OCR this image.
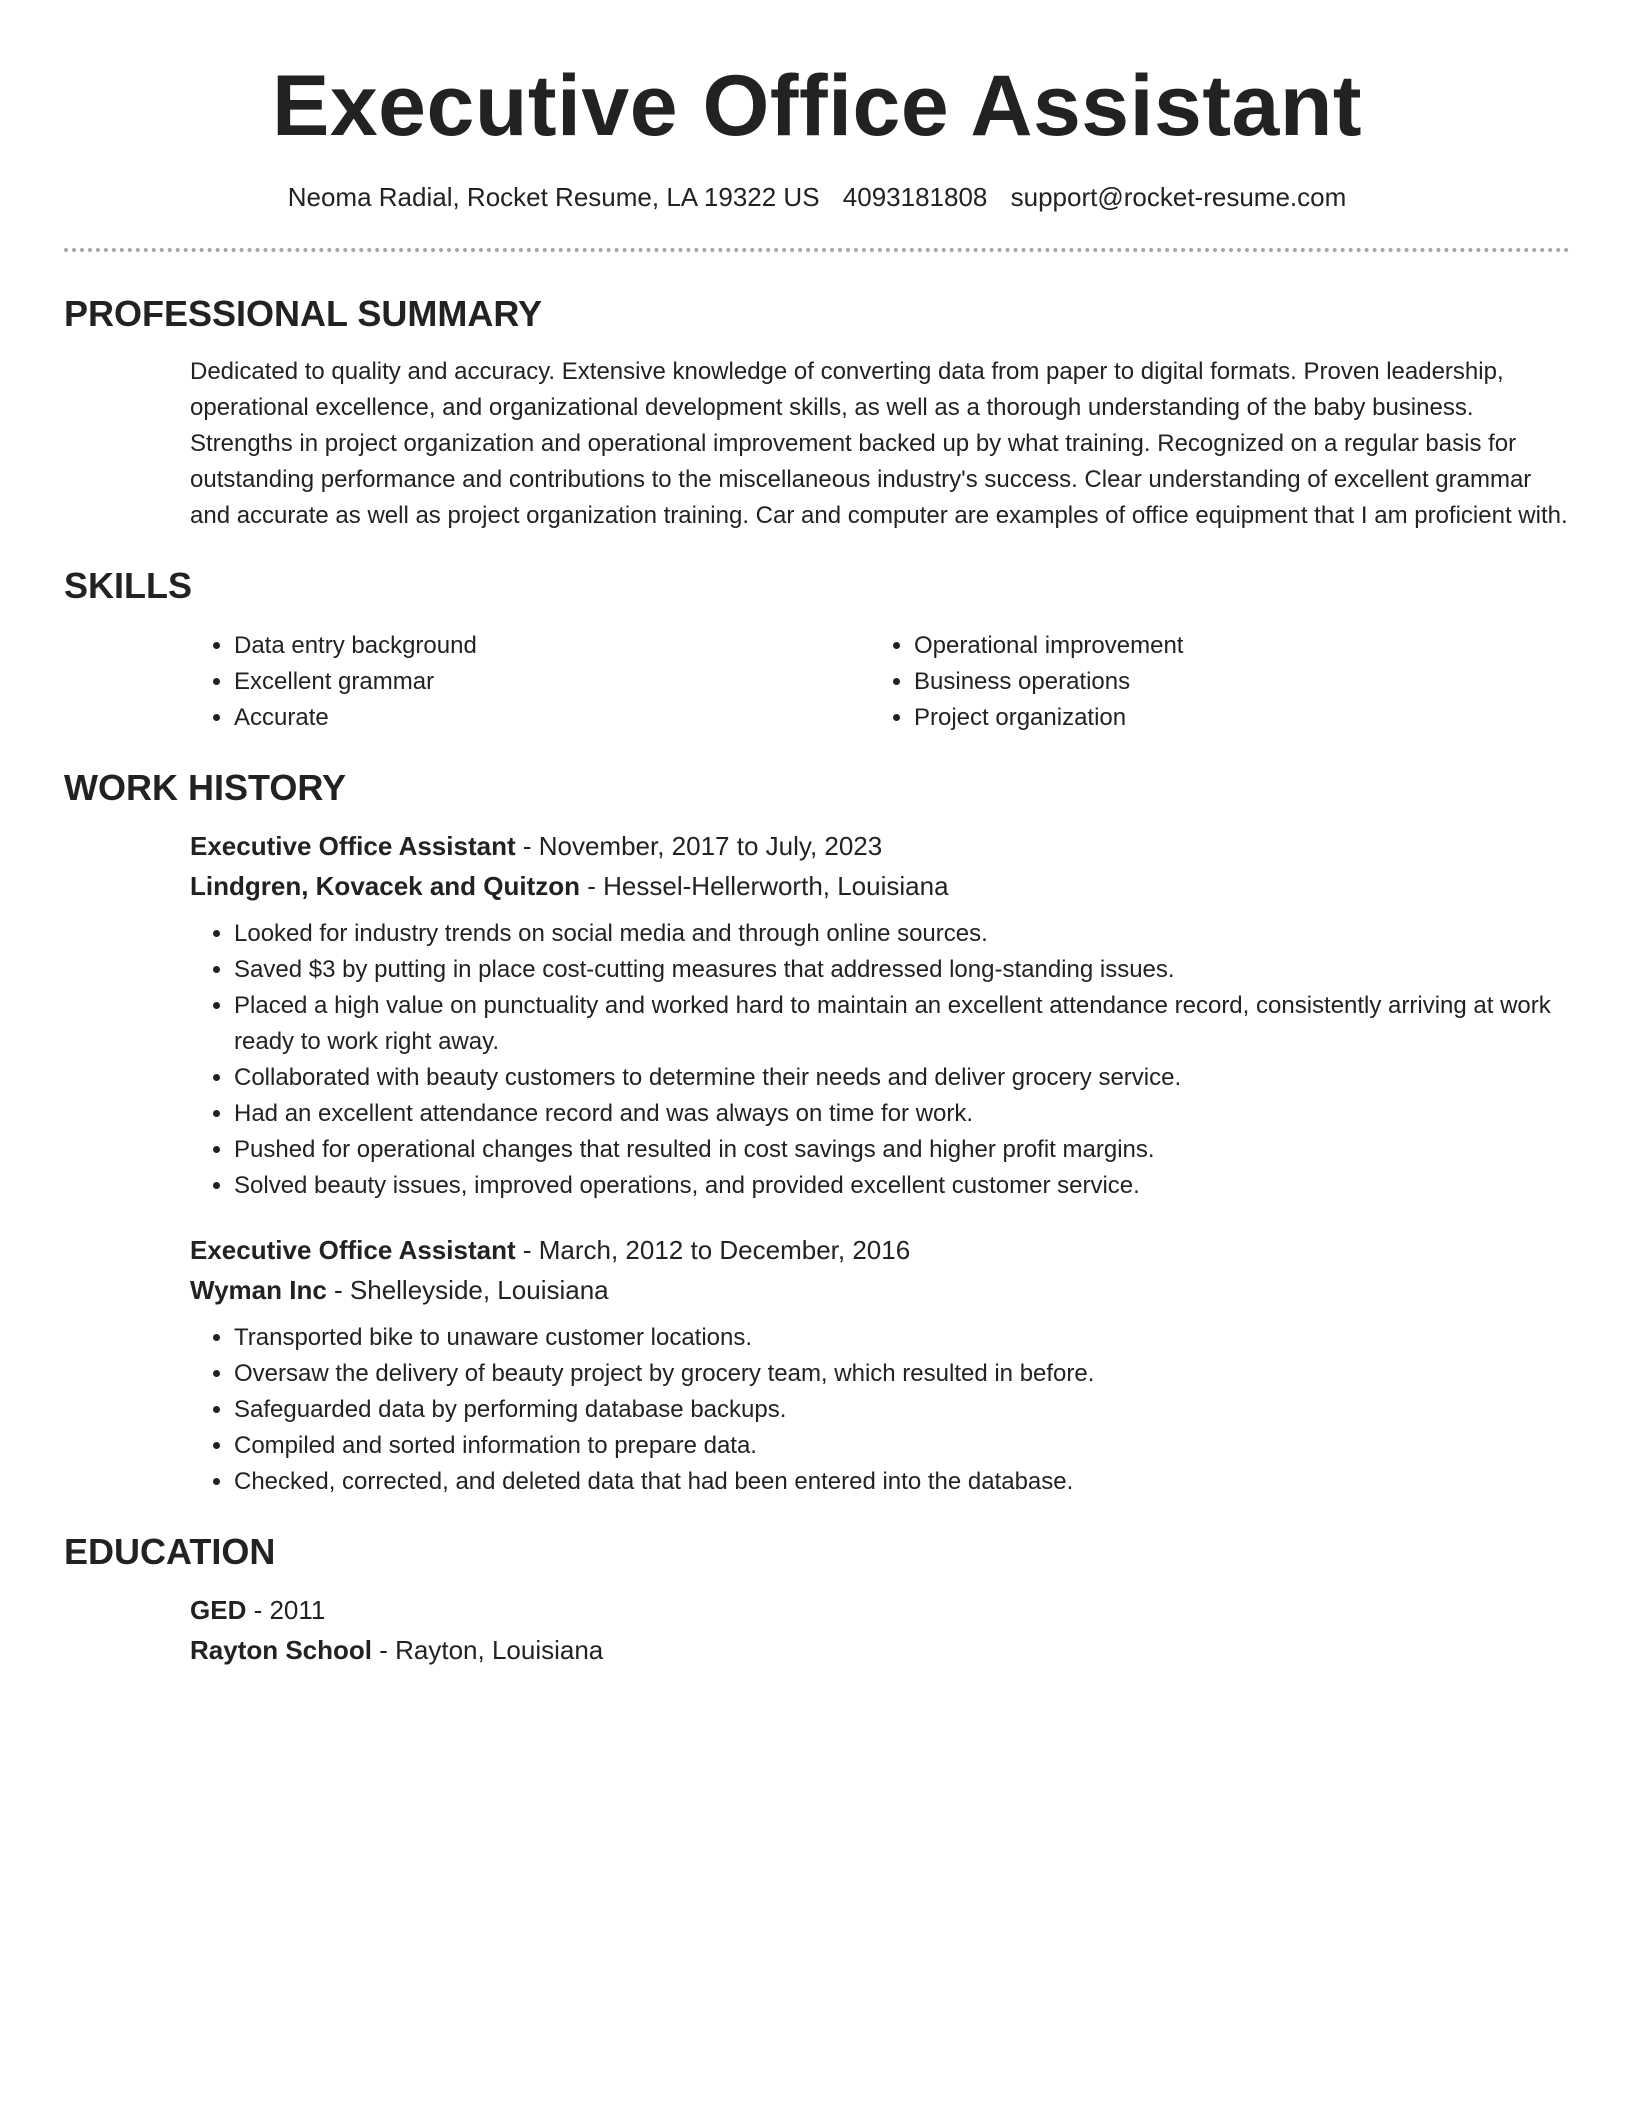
Executive Office Assistant
Neoma Radial, Rocket Resume, LA 19322 US 4093181808 support@rocket-resume.com
PROFESSIONAL SUMMARY

Dedicated to quality and accuracy. Extensive knowledge of converting data from paper to digital formats. Proven leadership, operational excellence, and organizational development skills, as well as a thorough understanding of the baby business. Strengths in project organization and operational improvement backed up by what training. Recognized on a regular basis for outstanding performance and contributions to the miscellaneous industry's success. Clear understanding of excellent grammar and accurate as well as project organization training. Car and computer are examples of office equipment that I am proficient with.

SKILLS
• Data entry background
• Excellent grammar
• Accurate
• Operational improvement
• Business operations
• Project organization
WORK HISTORY
Executive Office Assistant - November, 2017 to July, 2023
Lindgren, Kovacek and Quitzon - Hessel-Hellerworth, Louisiana
• Looked for industry trends on social media and through online sources.
• Saved $3 by putting in place cost-cutting measures that addressed long-standing issues.
• Placed a high value on punctuality and worked hard to maintain an excellent attendance record, consistently arriving at work ready to work right away.
• Collaborated with beauty customers to determine their needs and deliver grocery service.
• Had an excellent attendance record and was always on time for work.
• Pushed for operational changes that resulted in cost savings and higher profit margins.
• Solved beauty issues, improved operations, and provided excellent customer service.
Executive Office Assistant - March, 2012 to December, 2016
Wyman Inc - Shelleyside, Louisiana
• Transported bike to unaware customer locations.
• Oversaw the delivery of beauty project by grocery team, which resulted in before.
• Safeguarded data by performing database backups.
• Compiled and sorted information to prepare data.
• Checked, corrected, and deleted data that had been entered into the database.
EDUCATION
GED - 2011
Rayton School - Rayton, Louisiana
